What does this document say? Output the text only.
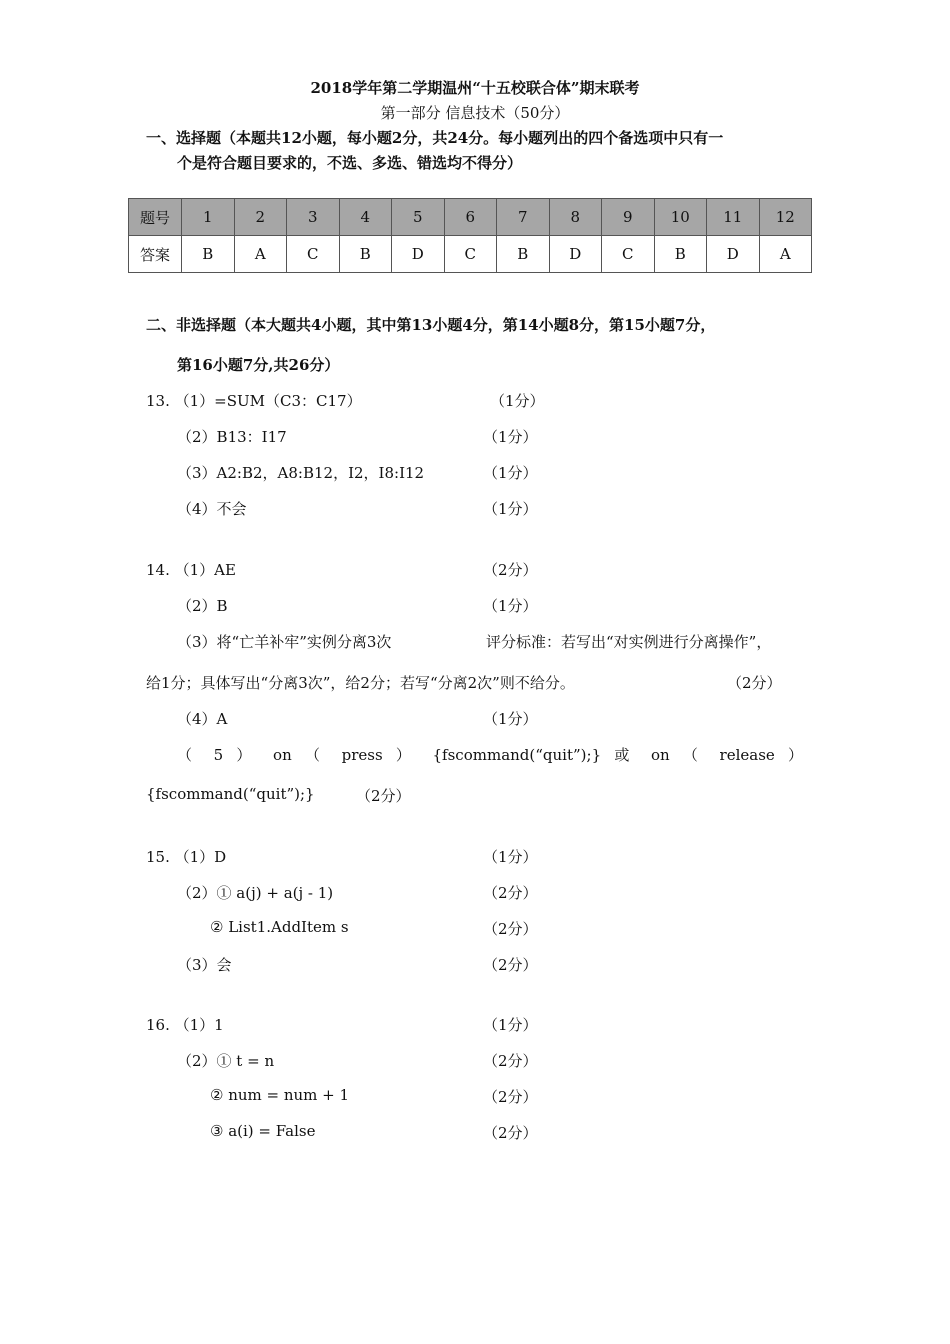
2018学年第二学期温州“十五校联合体”期末联考
第一部分 信息技术（50分）
一、选择题（本题共12小题，每小题2分，共24分。每小题列出的四个备选项中只有一
个是符合题目要求的，不选、多选、错选均不得分）
题号	1	2	3	4	5	6	7	8	9	10	11	12
答案	B	A	C	B	D	C	B	D	C	B	D	A
二、非选择题（本大题共4小题，其中第13小题4分，第14小题8分，第15小题7分，
第16小题7分,共26分）
13. （1）=SUM（C3：C17）	（1分）
（2）B13：I17	（1分）
（3）A2:B2，A8:B12，I2，I8:I12	（1分）
（4）不会	（1分）
14. （1）AE	（2分）
（2）B	（1分）
（3）将“亡羊补牢”实例分离3次	评分标准：若写出“对实例进行分离操作”，
给1分；具体写出“分离3次”，给2分；若写“分离2次”则不给分。	（2分）
（4）A	（1分）
（ 5 ） on （ press ） {fscommand(“quit”);} 或 on （ release ）
{fscommand(“quit”);}	（2分）
15. （1）D	（1分）
（2）① a(j) + a(j - 1)	（2分）
② List1.AddItem s	（2分）
（3）会	（2分）
16. （1）1	（1分）
（2）① t = n	（2分）
② num = num + 1	（2分）
③ a(i) = False	（2分）
